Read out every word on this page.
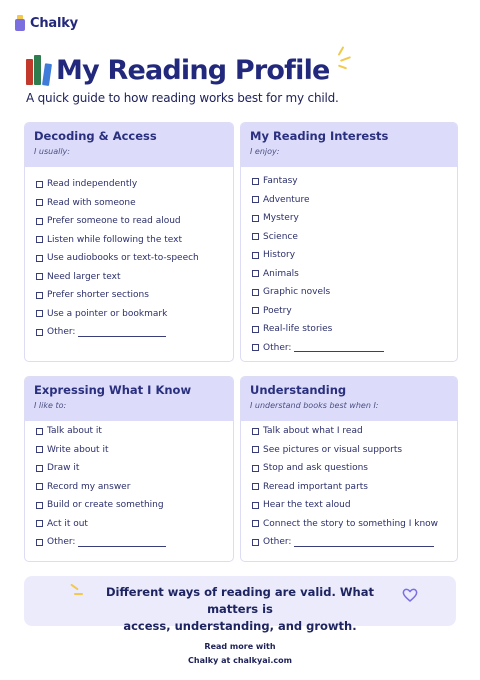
Chalky
My Reading Profile

A quick guide to how reading works best for my child.

Decoding & Access

I usually:

Read independently
Read with someone
Prefer someone to read aloud
Listen while following the text
Use audiobooks or text-to-speech
Need larger text
Prefer shorter sections
Use a pointer or bookmark
Other:
My Reading Interests

I enjoy:

Fantasy
Adventure
Mystery
Science
History
Animals
Graphic novels
Poetry
Real-life stories
Other:
Expressing What I Know

I like to:

Talk about it
Write about it
Draw it
Record my answer
Build or create something
Act it out
Other:
Understanding

I understand books best when I:

Talk about what I read
See pictures or visual supports
Stop and ask questions
Reread important parts
Hear the text aloud
Connect the story to something I know
Other:

Different ways of reading are valid. What matters is
access, understanding, and growth.

Read more with

Chalky at chalkyai.com
